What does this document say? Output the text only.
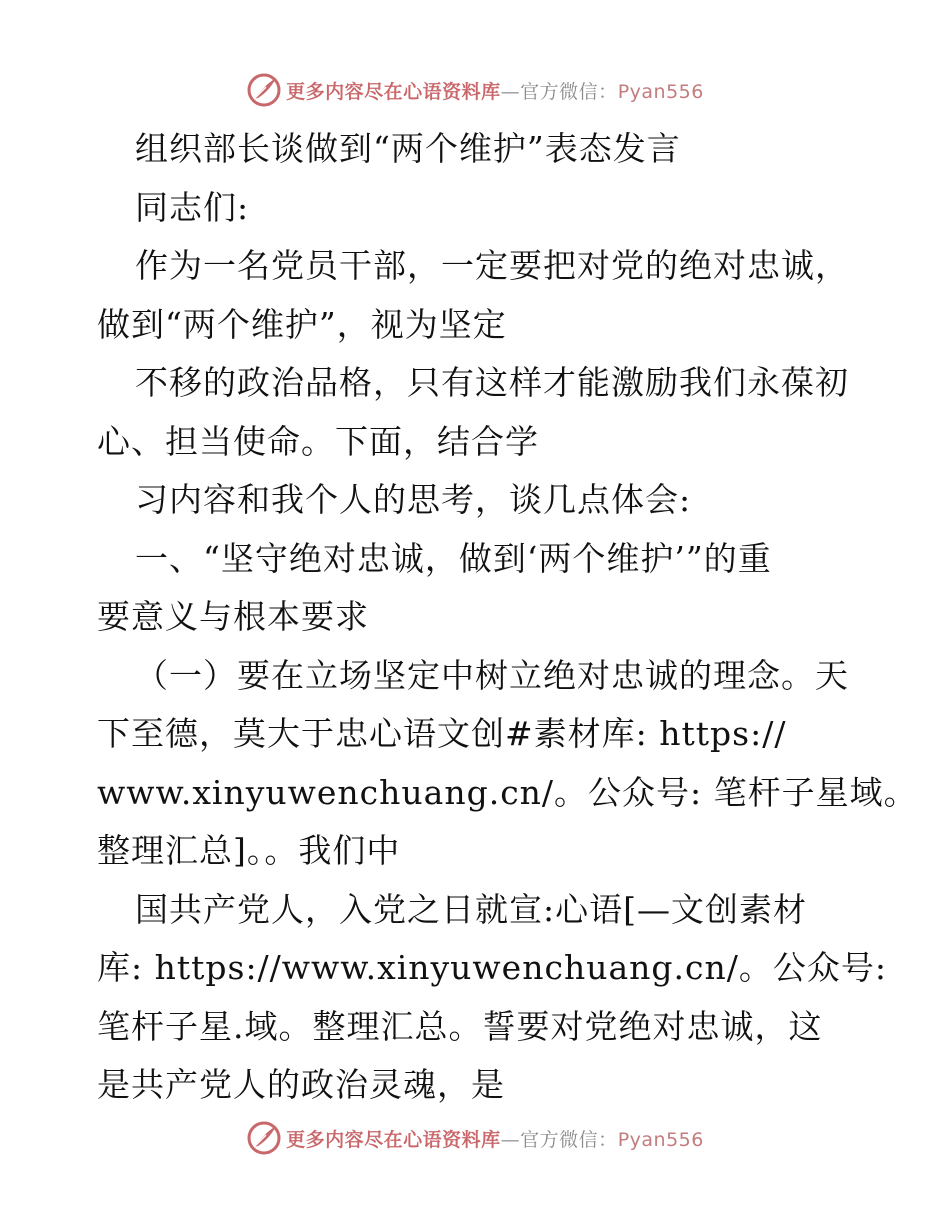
更多内容尽在心语资料库—官方微信：Pyan556
组织部长谈做到“两个维护”表态发言
同志们:
作为一名党员干部，一定要把对党的绝对忠诚，
做到“两个维护”，视为坚定
不移的政治品格，只有这样才能激励我们永葆初
心、担当使命。下面，结合学
习内容和我个人的思考，谈几点体会:
一、“坚守绝对忠诚，做到‘两个维护’”的重
要意义与根本要求
（一）要在立场坚定中树立绝对忠诚的理念。天
下至德，莫大于忠心语文创#素材库: https://
www.xinyuwenchuang.cn/。公众号: 笔杆子星域。
整理汇总]。。我们中
国共产党人，入党之日就宣:心语[—文创素材
库: https://www.xinyuwenchuang.cn/。公众号:
笔杆子星.域。整理汇总。誓要对党绝对忠诚，这
是共产党人的政治灵魂，是
更多内容尽在心语资料库—官方微信：Pyan556
